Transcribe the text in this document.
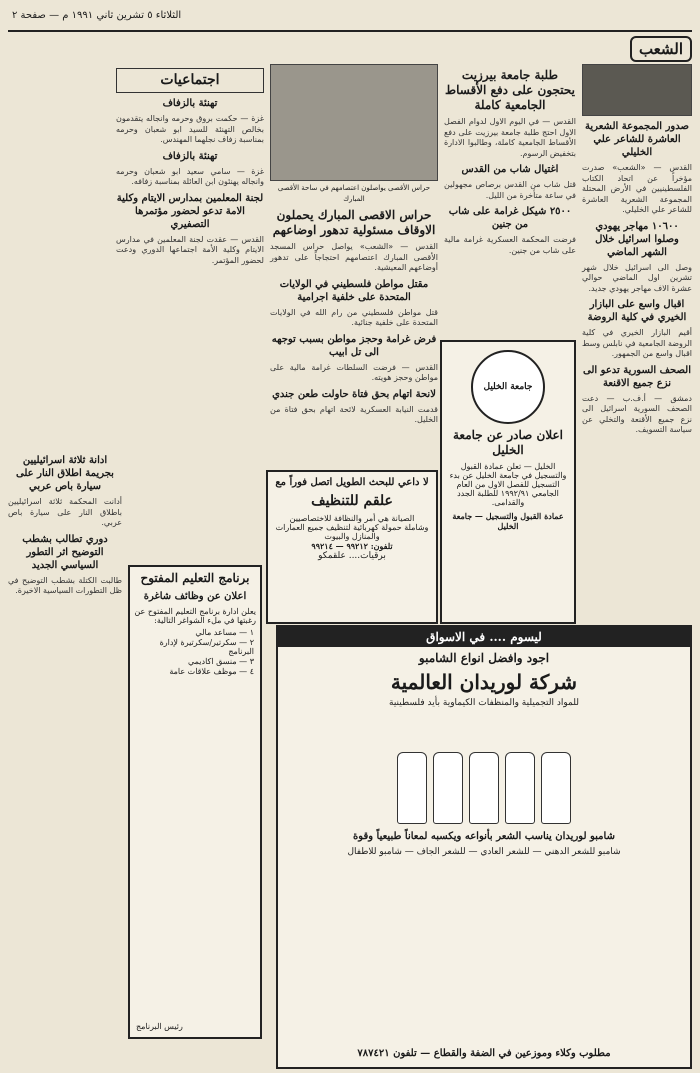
الثلاثاء ٥ تشرين ثاني ١٩٩١ م — صفحة ٢
الشعب
صدور المجموعة الشعرية العاشرة للشاعر علي الخليلي
القدس — «الشعب» صدرت مؤخراً عن اتحاد الكتاب الفلسطينيين في الأرض المحتلة المجموعة الشعرية العاشرة للشاعر علي الخليلي.
١٠٦٠٠ مهاجر يهودي وصلوا اسرائيل خلال الشهر الماضي
وصل الى اسرائيل خلال شهر تشرين اول الماضي حوالي عشرة الاف مهاجر يهودي جديد.
اقبال واسع على البازار الخيري في كلية الروضة
أقيم البازار الخيري في كلية الروضة الجامعية في نابلس وسط اقبال واسع من الجمهور.
الصحف السورية تدعو الى نزع جميع الاقنعة
دمشق — أ.ف.ب — دعت الصحف السورية اسرائيل الى نزع جميع الأقنعة والتخلي عن سياسة التسويف.
طلبة جامعة بيرزيت يحتجون على دفع الأقساط الجامعية كاملة
القدس — في اليوم الاول لدوام الفصل الاول احتج طلبة جامعة بيرزيت على دفع الأقساط الجامعية كاملة، وطالبوا الادارة بتخفيض الرسوم.
اغتيال شاب من القدس
قتل شاب من القدس برصاص مجهولين في ساعة متأخرة من الليل.
٢٥٠٠ شيكل غرامة على شاب من جنين
فرضت المحكمة العسكرية غرامة مالية على شاب من جنين.
حراس الأقصى يواصلون اعتصامهم في ساحة الأقصى المبارك
حراس الاقصى المبارك يحملون الاوقاف مسئولية تدهور اوضاعهم
القدس — «الشعب» يواصل حراس المسجد الأقصى المبارك اعتصامهم احتجاجاً على تدهور أوضاعهم المعيشية.
مقتل مواطن فلسطيني في الولايات المتحدة على خلفية اجرامية
قتل مواطن فلسطيني من رام الله في الولايات المتحدة على خلفية جنائية.
فرض غرامة وحجز مواطن بسبب توجهه الى تل ابيب
القدس — فرضت السلطات غرامة مالية على مواطن وحجز هويته.
لانحة اتهام بحق فتاة حاولت طعن جندي
قدمت النيابة العسكرية لائحة اتهام بحق فتاة من الخليل.
اجتماعيات
تهنئة بالزفاف
غزة — حكمت بروق وحرمه وانجاله يتقدمون بخالص التهنئة للسيد ابو شعبان وحرمه بمناسبة زفاف نجلهما المهندس.
تهنئة بالزفاف
غزة — سامي سعيد ابو شعبان وحرمه وانجاله يهنئون ابن العائلة بمناسبة زفافه.
لجنة المعلمين بمدارس الايتام وكلية الامة تدعو لحضور مؤتمرها التصفيري
القدس — عقدت لجنة المعلمين في مدارس الايتام وكلية الأمة اجتماعها الدوري ودعت لحضور المؤتمر.
ادانة ثلاثة اسرائيليين بجريمة اطلاق النار على سيارة باص عربي
أدانت المحكمة ثلاثة اسرائيليين باطلاق النار على سيارة باص عربي.
دوري تطالب بشطب التوضيح اثر التطور السياسي الجديد
طالبت الكتلة بشطب التوضيح في ظل التطورات السياسية الاخيرة.
جامعة الخليل
اعلان صادر عن جامعة الخليل
الخليل — تعلن عمادة القبول والتسجيل في جامعة الخليل عن بدء التسجيل للفصل الاول من العام الجامعي ١٩٩٢/٩١ للطلبة الجدد والقدامى.
عمادة القبول والتسجيل — جامعة الخليل
لا داعي للبحث الطويل اتصل فوراً مع
علقم للتنظيف
الصيانة هي أمر والنظافة للاختصاصيين
وشاملة حمولة كهربائية لتنظيف جميع العمارات والمنازل والبيوت
تلفون: ٩٩٢١٢ — ٩٩٢١٤
برقيات.... علقمكو
برنامج التعليم المفتوح
اعلان عن وظائف شاغرة
يعلن ادارة برنامج التعليم المفتوح عن رغبتها في ملء الشواغر التالية:
١ — مساعد مالي
٢ — سكرتير/سكرتيرة لإدارة البرنامج
٣ — منسق اكاديمي
٤ — موظف علاقات عامة
رئيس البرنامج
ليسوم .... في الاسواق
اجود وافضل انواع الشامبو
شركة لوريدان العالمية
للمواد التجميلية والمنظفات الكيماوية بأيد فلسطينية
شامبو لوريدان يناسب الشعر بأنواعه ويكسبه لمعاناً طبيعياً وقوة
شامبو للشعر الدهني — للشعر العادي — للشعر الجاف — شامبو للاطفال
مطلوب وكلاء وموزعين في الضفة والقطاع — تلفون ٧٨٧٤٢١
